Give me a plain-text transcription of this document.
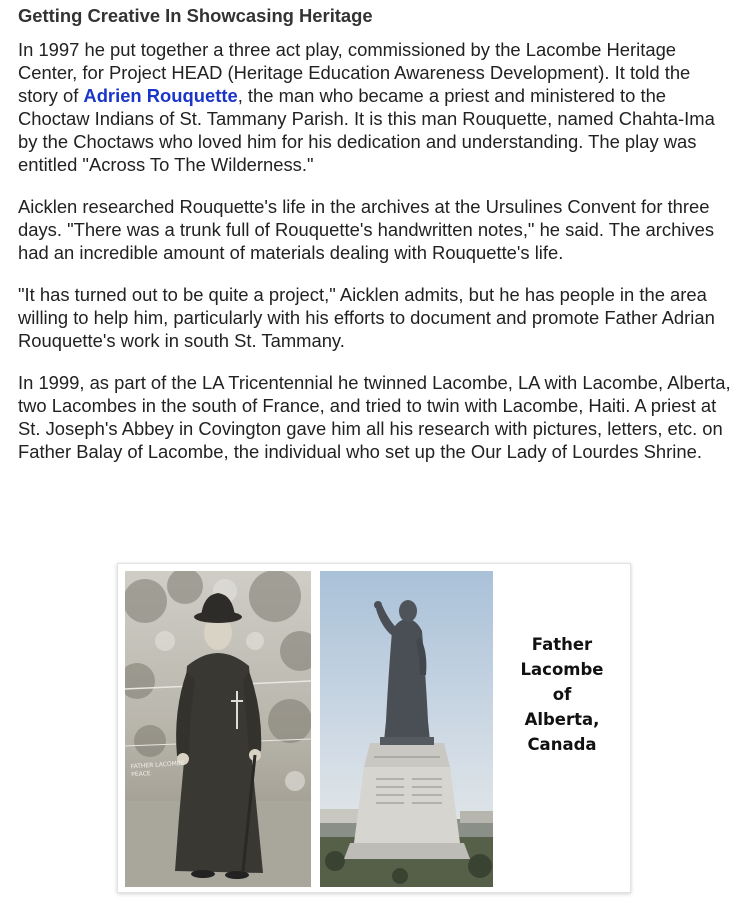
Getting Creative In Showcasing Heritage

In 1997 he put together a three act play, commissioned by the Lacombe Heritage Center, for Project HEAD (Heritage Education Awareness Development). It told the story of Adrien Rouquette, the man who became a priest and ministered to the Choctaw Indians of St. Tammany Parish. It is this man Rouquette, named Chahta-Ima by the Choctaws who loved him for his dedication and understanding. The play was entitled "Across To The Wilderness."

Aicklen researched Rouquette's life in the archives at the Ursulines Convent for three days. "There was a trunk full of Rouquette's handwritten notes," he said. The archives had an incredible amount of materials dealing with Rouquette's life.

"It has turned out to be quite a project," Aicklen admits, but he has people in the area willing to help him, particularly with his efforts to document and promote Father Adrian Rouquette's work in south St. Tammany.

In 1999, as part of the LA Tricentennial he twinned Lacombe, LA with Lacombe, Alberta, two Lacombes in the south of France, and tried to twin with Lacombe, Haiti. A priest at St. Joseph's Abbey in Covington gave him all his research with pictures, letters, etc. on Father Balay of Lacombe, the individual who set up the Our Lady of Lourdes Shrine.

FATHER LACOMBE
PEACE
Father
Lacombe
of
Alberta,
Canada
